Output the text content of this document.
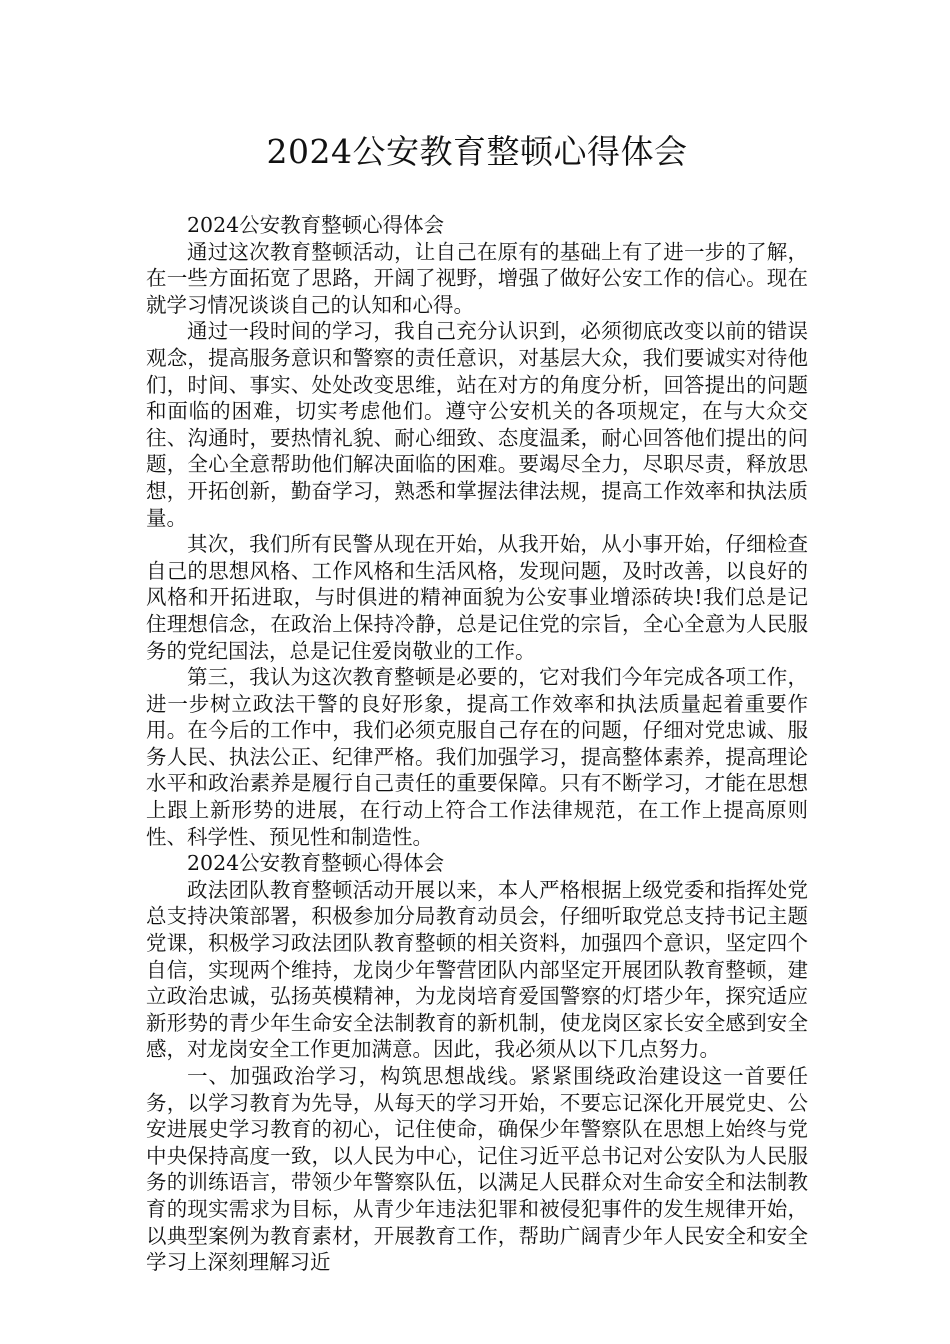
2024公安教育整顿心得体会

2024公安教育整顿心得体会

通过这次教育整顿活动，让自己在原有的基础上有了进一步的了解，在一些方面拓宽了思路，开阔了视野，增强了做好公安工作的信心。现在就学习情况谈谈自己的认知和心得。

通过一段时间的学习，我自己充分认识到，必须彻底改变以前的错误观念，提高服务意识和警察的责任意识，对基层大众，我们要诚实对待他们，时间、事实、处处改变思维，站在对方的角度分析，回答提出的问题和面临的困难，切实考虑他们。遵守公安机关的各项规定，在与大众交往、沟通时，要热情礼貌、耐心细致、态度温柔，耐心回答他们提出的问题，全心全意帮助他们解决面临的困难。要竭尽全力，尽职尽责，释放思想，开拓创新，勤奋学习，熟悉和掌握法律法规，提高工作效率和执法质量。

其次，我们所有民警从现在开始，从我开始，从小事开始，仔细检查自己的思想风格、工作风格和生活风格，发现问题，及时改善，以良好的风格和开拓进取，与时俱进的精神面貌为公安事业增添砖块!我们总是记住理想信念，在政治上保持冷静，总是记住党的宗旨，全心全意为人民服务的党纪国法，总是记住爱岗敬业的工作。

第三，我认为这次教育整顿是必要的，它对我们今年完成各项工作，进一步树立政法干警的良好形象，提高工作效率和执法质量起着重要作用。在今后的工作中，我们必须克服自己存在的问题，仔细对党忠诚、服务人民、执法公正、纪律严格。我们加强学习，提高整体素养，提高理论水平和政治素养是履行自己责任的重要保障。只有不断学习，才能在思想上跟上新形势的进展，在行动上符合工作法律规范，在工作上提高原则性、科学性、预见性和制造性。

2024公安教育整顿心得体会

政法团队教育整顿活动开展以来，本人严格根据上级党委和指挥处党总支持决策部署，积极参加分局教育动员会，仔细听取党总支持书记主题党课，积极学习政法团队教育整顿的相关资料，加强四个意识，坚定四个自信，实现两个维持，龙岗少年警营团队内部坚定开展团队教育整顿，建立政治忠诚，弘扬英模精神，为龙岗培育爱国警察的灯塔少年，探究适应新形势的青少年生命安全法制教育的新机制，使龙岗区家长安全感到安全感，对龙岗安全工作更加满意。因此，我必须从以下几点努力。

一、加强政治学习，构筑思想战线。紧紧围绕政治建设这一首要任务，以学习教育为先导，从每天的学习开始，不要忘记深化开展党史、公安进展史学习教育的初心，记住使命，确保少年警察队在思想上始终与党中央保持高度一致，以人民为中心，记住习近平总书记对公安队为人民服务的训练语言，带领少年警察队伍，以满足人民群众对生命安全和法制教育的现实需求为目标，从青少年违法犯罪和被侵犯事件的发生规律开始，以典型案例为教育素材，开展教育工作，帮助广阔青少年人民安全和安全学习上深刻理解习近
